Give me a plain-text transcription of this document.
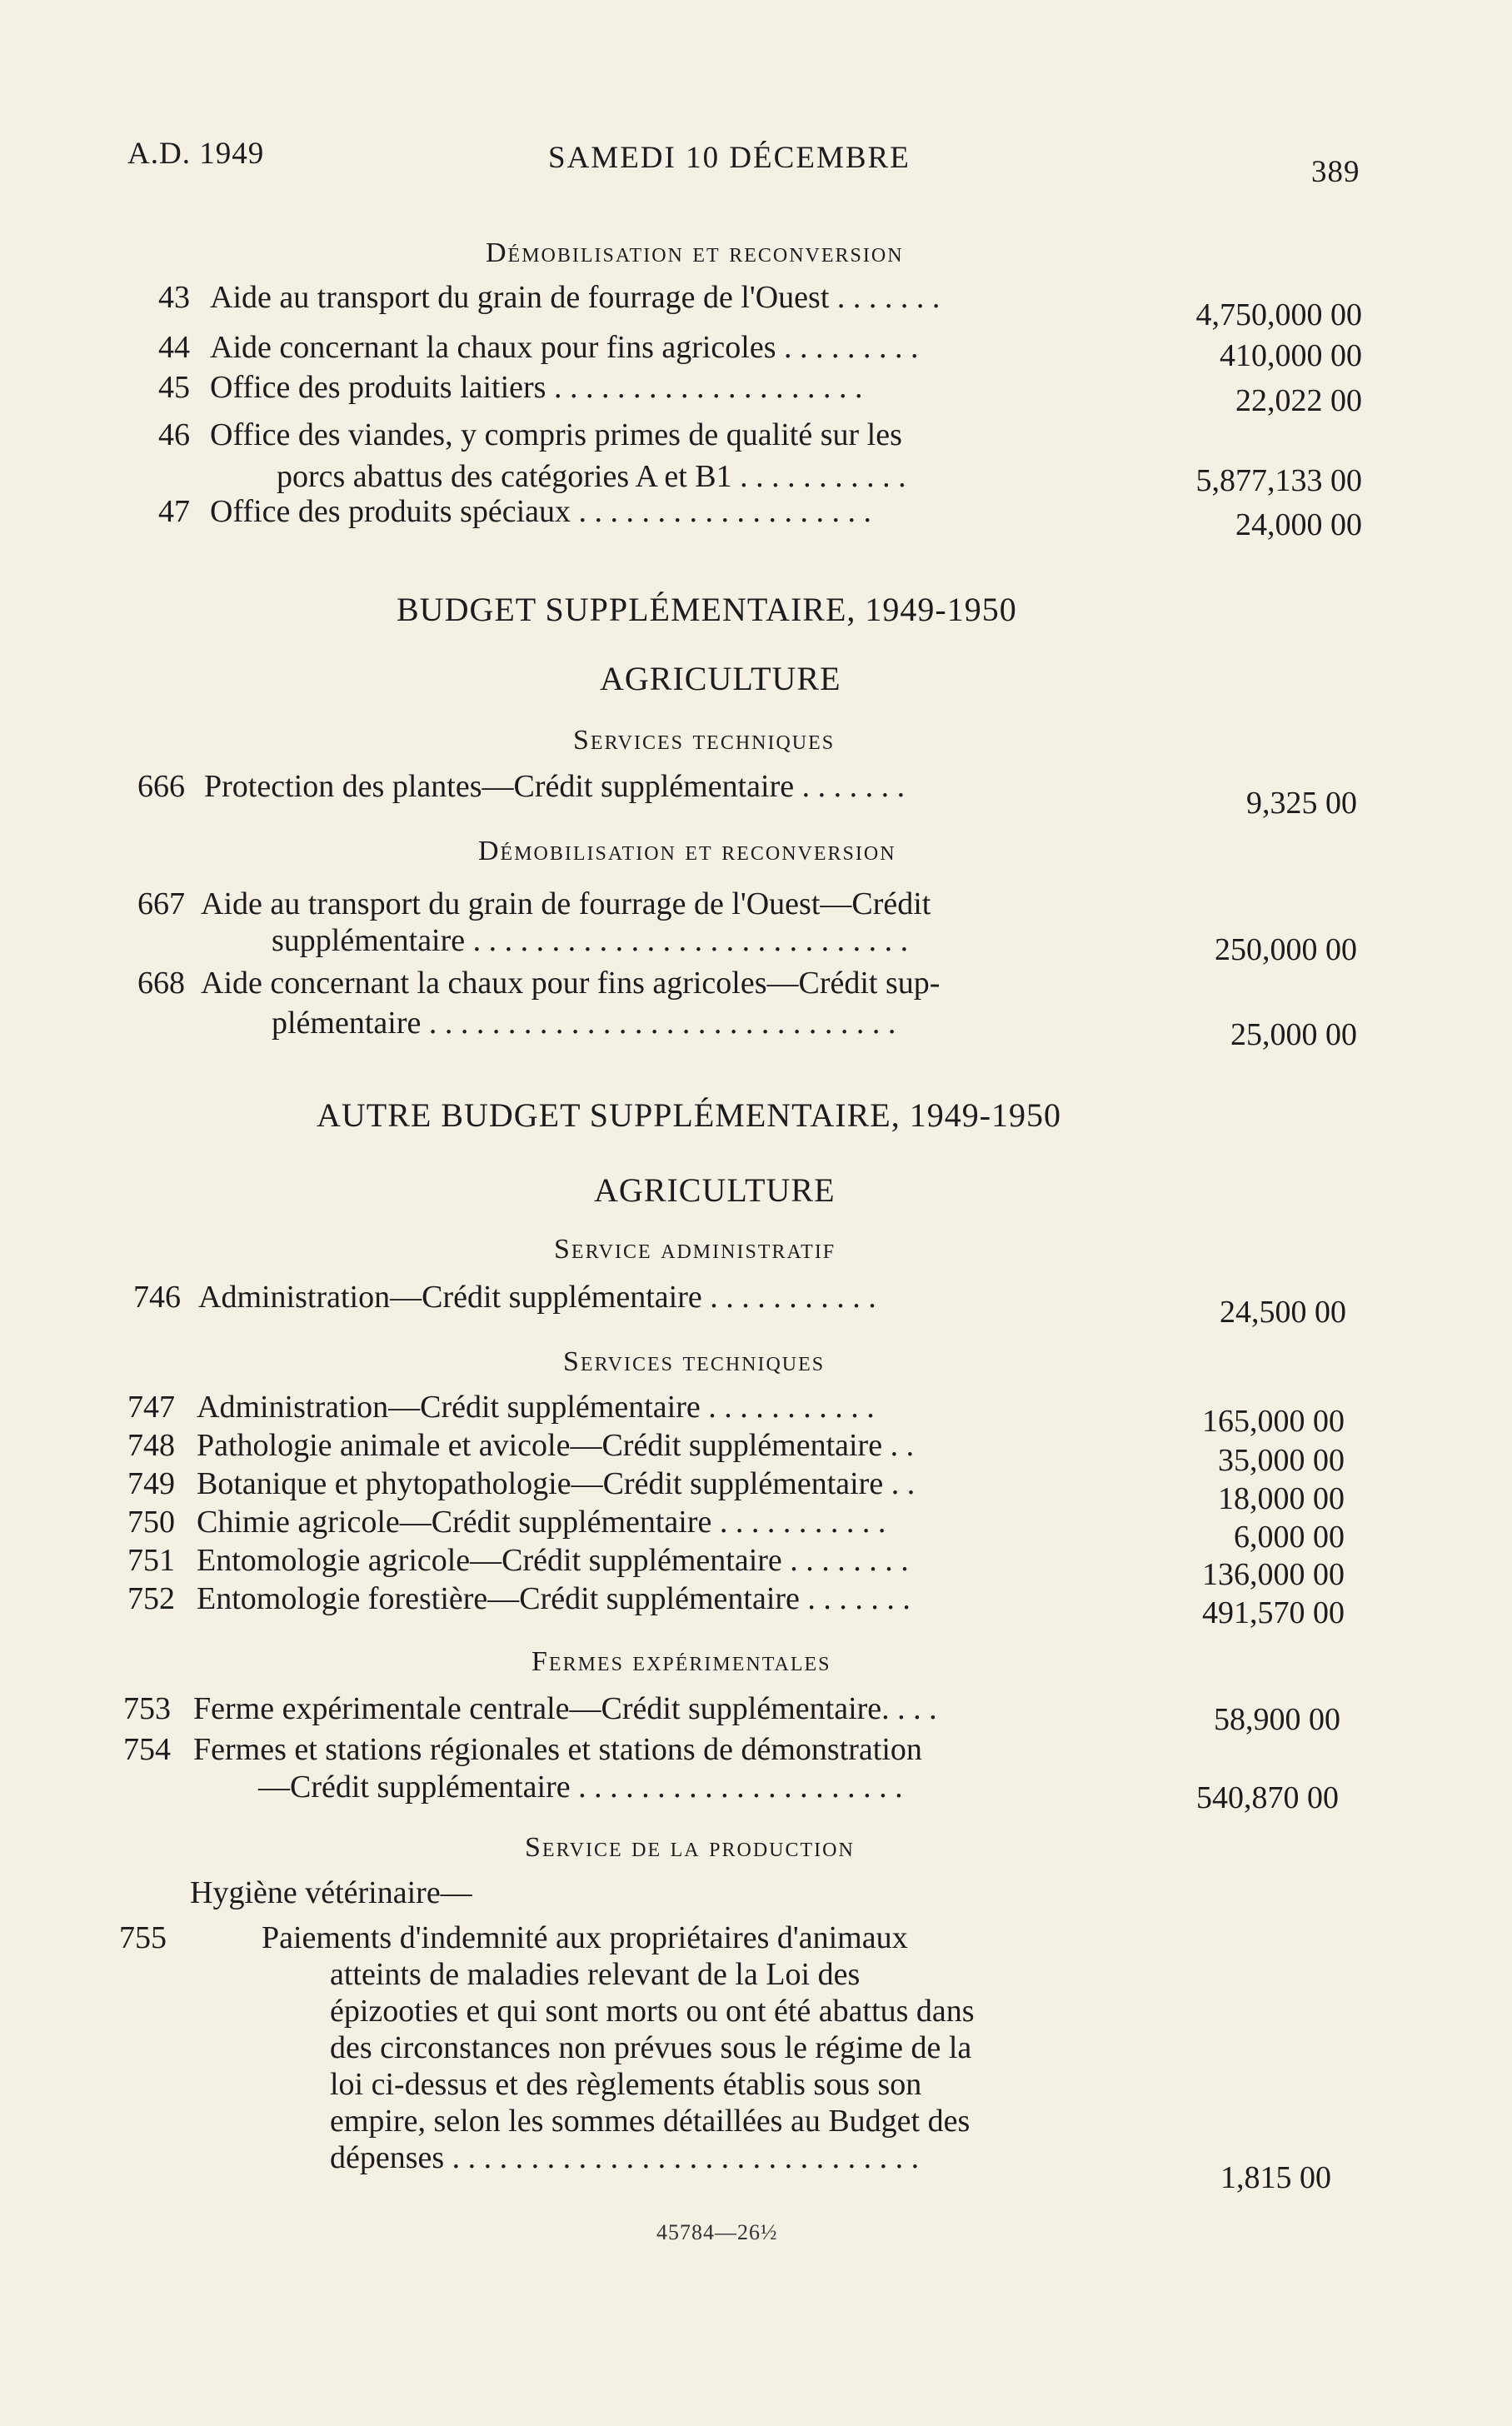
A.D. 1949	SAMEDI 10 DÉCEMBRE	389
Démobilisation et reconversion
43 Aide au transport du grain de fourrage de l'Ouest . . . . . . .	4,750,000 00
44 Aide concernant la chaux pour fins agricoles . . . . . . . . .	410,000 00
45 Office des produits laitiers . . . . . . . . . . . . . . . . . . . .	22,022 00
46 Office des viandes, y compris primes de qualité sur les
porcs abattus des catégories A et B1 . . . . . . . . . . .	5,877,133 00
47 Office des produits spéciaux . . . . . . . . . . . . . . . . . . .	24,000 00
BUDGET SUPPLÉMENTAIRE, 1949-1950
AGRICULTURE
Services techniques
666 Protection des plantes—Crédit supplémentaire . . . . . . .	9,325 00
Démobilisation et reconversion
667 Aide au transport du grain de fourrage de l'Ouest—Crédit
supplémentaire . . . . . . . . . . . . . . . . . . . . . . . . . . . .	250,000 00
668 Aide concernant la chaux pour fins agricoles—Crédit sup-
plémentaire . . . . . . . . . . . . . . . . . . . . . . . . . . . . . .	25,000 00
AUTRE BUDGET SUPPLÉMENTAIRE, 1949-1950
AGRICULTURE
Service administratif
746 Administration—Crédit supplémentaire . . . . . . . . . . .	24,500 00
Services techniques
747 Administration—Crédit supplémentaire . . . . . . . . . . .	165,000 00
748 Pathologie animale et avicole—Crédit supplémentaire . .	35,000 00
749 Botanique et phytopathologie—Crédit supplémentaire . .	18,000 00
750 Chimie agricole—Crédit supplémentaire . . . . . . . . . . .	6,000 00
751 Entomologie agricole—Crédit supplémentaire . . . . . . . .	136,000 00
752 Entomologie forestière—Crédit supplémentaire . . . . . . .	491,570 00
Fermes expérimentales
753 Ferme expérimentale centrale—Crédit supplémentaire. . . .	58,900 00
754 Fermes et stations régionales et stations de démonstration
—Crédit supplémentaire . . . . . . . . . . . . . . . . . . . . .	540,870 00
Service de la production
Hygiène vétérinaire—
755	Paiements d'indemnité aux propriétaires d'animaux
atteints de maladies relevant de la Loi des
épizooties et qui sont morts ou ont été abattus dans
des circonstances non prévues sous le régime de la
loi ci-dessus et des règlements établis sous son
empire, selon les sommes détaillées au Budget des
dépenses . . . . . . . . . . . . . . . . . . . . . . . . . . . . . .
1,815 00
45784—26½
